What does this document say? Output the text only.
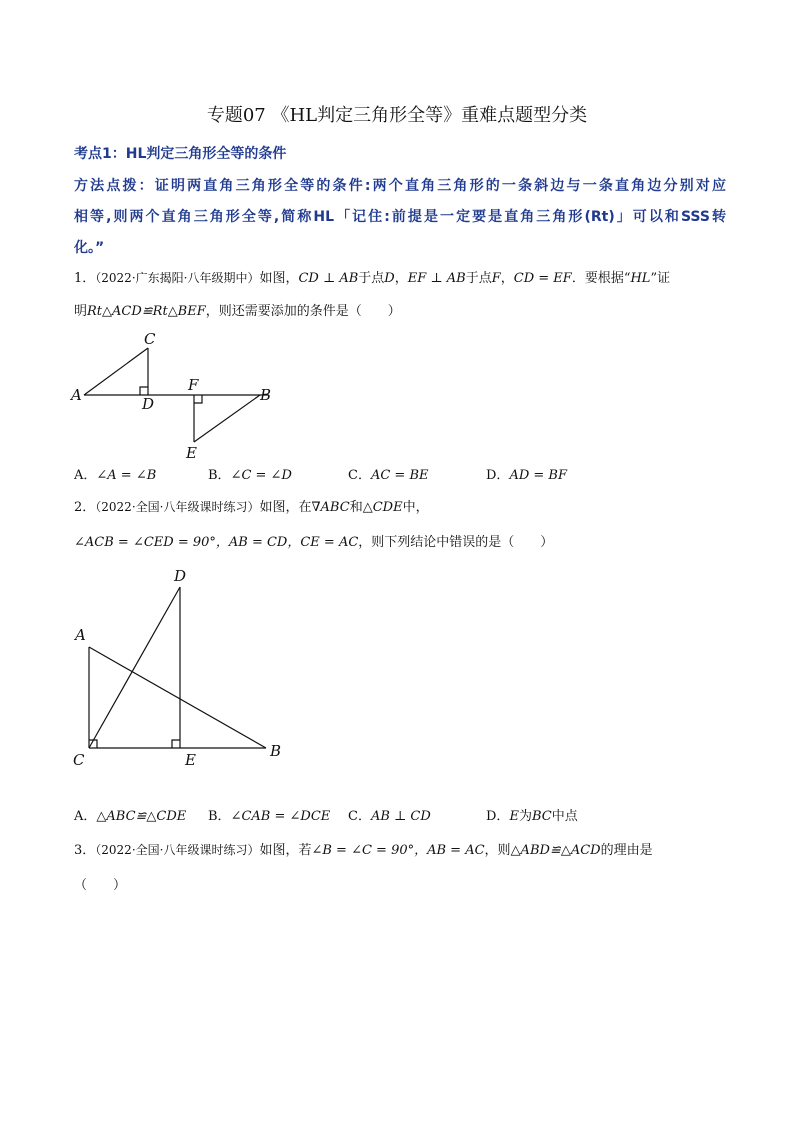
专题07 《HL判定三角形全等》重难点题型分类
考点1：HL判定三角形全等的条件
方法点拨：证明两直角三角形全等的条件:两个直角三角形的一条斜边与一条直角边分别对应
相等,则两个直角三角形全等,简称HL「记住:前提是一定要是直角三角形(Rt)」可以和SSS转
化。”
1．（2022·广东揭阳·八年级期中）如图，CD ⊥ AB于点D，EF ⊥ AB于点F，CD = EF．要根据“HL”证
明Rt△ACD≌Rt△BEF，则还需要添加的条件是（　　）
C
A	D
F
B
E
A．∠A = ∠B	B．∠C = ∠D	C．AC = BE	D．AD = BF
2．（2022·全国·八年级课时练习）如图，在∇ABC和△CDE中，
∠ACB = ∠CED = 90°，AB = CD，CE = AC，则下列结论中错误的是（　　）
D
A
C	E	B
A．△ABC≌△CDE B．∠CAB = ∠DCE C．AB ⊥ CD	D．E为BC中点
3．（2022·全国·八年级课时练习）如图，若∠B = ∠C = 90°，AB = AC，则△ABD≌△ACD的理由是
（　　）
